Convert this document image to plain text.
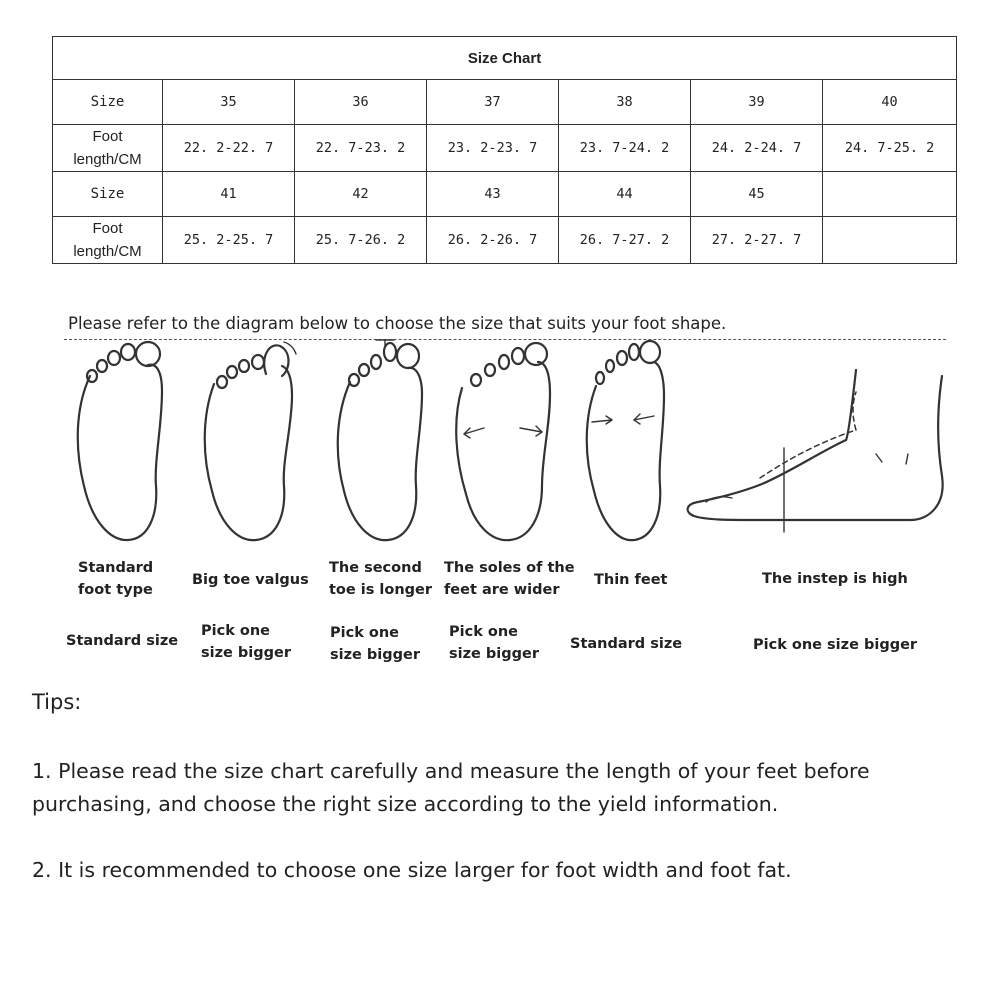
Size Chart						
Size	35	36	37	38	39	40
Foot
length/CM	22. 2-22. 7	22. 7-23. 2	23. 2-23. 7	23. 7-24. 2	24. 2-24. 7	24. 7-25. 2
Size	41	42	43	44	45	
Foot
length/CM	25. 2-25. 7	25. 7-26. 2	26. 2-26. 7	26. 7-27. 2	27. 2-27. 7	
Please refer to the diagram below to choose the size that suits your foot shape.
Standard
foot type
Big toe valgus
The second
toe is longer
The soles of the
feet are wider
Thin feet	The instep is high
Standard size
Pick one
size bigger
Pick one
size bigger
Pick one
size bigger
Standard size	Pick one size bigger
Tips:
1. Please read the size chart carefully and measure the length of your feet before purchasing, and choose the right size according to the yield information.
2. It is recommended to choose one size larger for foot width and foot fat.
